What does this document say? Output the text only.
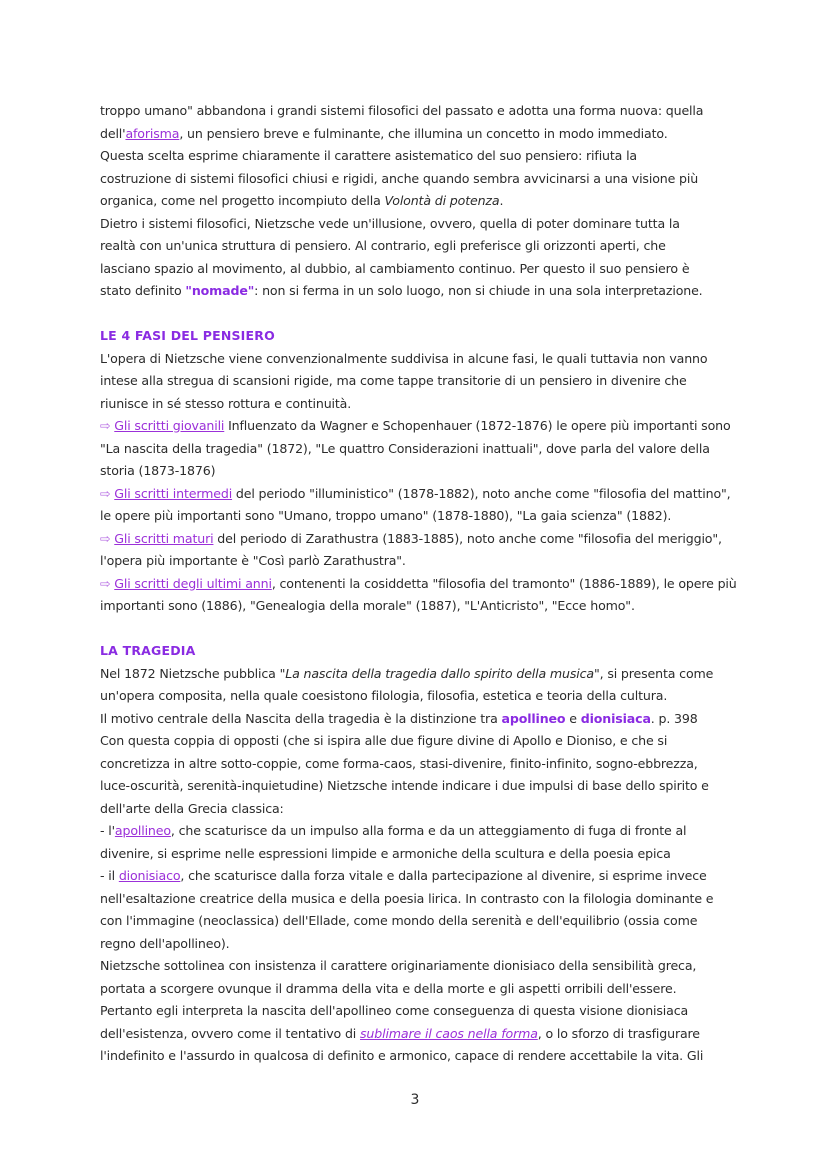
troppo umano" abbandona i grandi sistemi filosofici del passato e adotta una forma nuova: quella
dell'aforisma, un pensiero breve e fulminante, che illumina un concetto in modo immediato.
Questa scelta esprime chiaramente il carattere asistematico del suo pensiero: rifiuta la
costruzione di sistemi filosofici chiusi e rigidi, anche quando sembra avvicinarsi a una visione più
organica, come nel progetto incompiuto della Volontà di potenza.
Dietro i sistemi filosofici, Nietzsche vede un'illusione, ovvero, quella di poter dominare tutta la
realtà con un'unica struttura di pensiero. Al contrario, egli preferisce gli orizzonti aperti, che
lasciano spazio al movimento, al dubbio, al cambiamento continuo. Per questo il suo pensiero è
stato definito "nomade": non si ferma in un solo luogo, non si chiude in una sola interpretazione.
LE 4 FASI DEL PENSIERO
L'opera di Nietzsche viene convenzionalmente suddivisa in alcune fasi, le quali tuttavia non vanno
intese alla stregua di scansioni rigide, ma come tappe transitorie di un pensiero in divenire che
riunisce in sé stesso rottura e continuità.
⇨ Gli scritti giovanili Influenzato da Wagner e Schopenhauer (1872-1876) le opere più importanti sono
"La nascita della tragedia" (1872), "Le quattro Considerazioni inattuali", dove parla del valore della
storia (1873-1876)
⇨ Gli scritti intermedi del periodo "illuministico" (1878-1882), noto anche come "filosofia del mattino",
le opere più importanti sono "Umano, troppo umano" (1878-1880), "La gaia scienza" (1882).
⇨ Gli scritti maturi del periodo di Zarathustra (1883-1885), noto anche come "filosofia del meriggio",
l'opera più importante è "Così parlò Zarathustra".
⇨ Gli scritti degli ultimi anni, contenenti la cosiddetta "filosofia del tramonto" (1886-1889), le opere più
importanti sono (1886), "Genealogia della morale" (1887), "L'Anticristo", "Ecce homo".
LA TRAGEDIA
Nel 1872 Nietzsche pubblica "La nascita della tragedia dallo spirito della musica", si presenta come
un'opera composita, nella quale coesistono filologia, filosofia, estetica e teoria della cultura.
Il motivo centrale della Nascita della tragedia è la distinzione tra apollineo e dionisiaca. p. 398
Con questa coppia di opposti (che si ispira alle due figure divine di Apollo e Dioniso, e che si
concretizza in altre sotto-coppie, come forma-caos, stasi-divenire, finito-infinito, sogno-ebbrezza,
luce-oscurità, serenità-inquietudine) Nietzsche intende indicare i due impulsi di base dello spirito e
dell'arte della Grecia classica:
- l'apollineo, che scaturisce da un impulso alla forma e da un atteggiamento di fuga di fronte al
divenire, si esprime nelle espressioni limpide e armoniche della scultura e della poesia epica
- il dionisiaco, che scaturisce dalla forza vitale e dalla partecipazione al divenire, si esprime invece
nell'esaltazione creatrice della musica e della poesia lirica. In contrasto con la filologia dominante e
con l'immagine (neoclassica) dell'Ellade, come mondo della serenità e dell'equilibrio (ossia come
regno dell'apollineo).
Nietzsche sottolinea con insistenza il carattere originariamente dionisiaco della sensibilità greca,
portata a scorgere ovunque il dramma della vita e della morte e gli aspetti orribili dell'essere.
Pertanto egli interpreta la nascita dell'apollineo come conseguenza di questa visione dionisiaca
dell'esistenza, ovvero come il tentativo di sublimare il caos nella forma, o lo sforzo di trasfigurare
l'indefinito e l'assurdo in qualcosa di definito e armonico, capace di rendere accettabile la vita. Gli
3
